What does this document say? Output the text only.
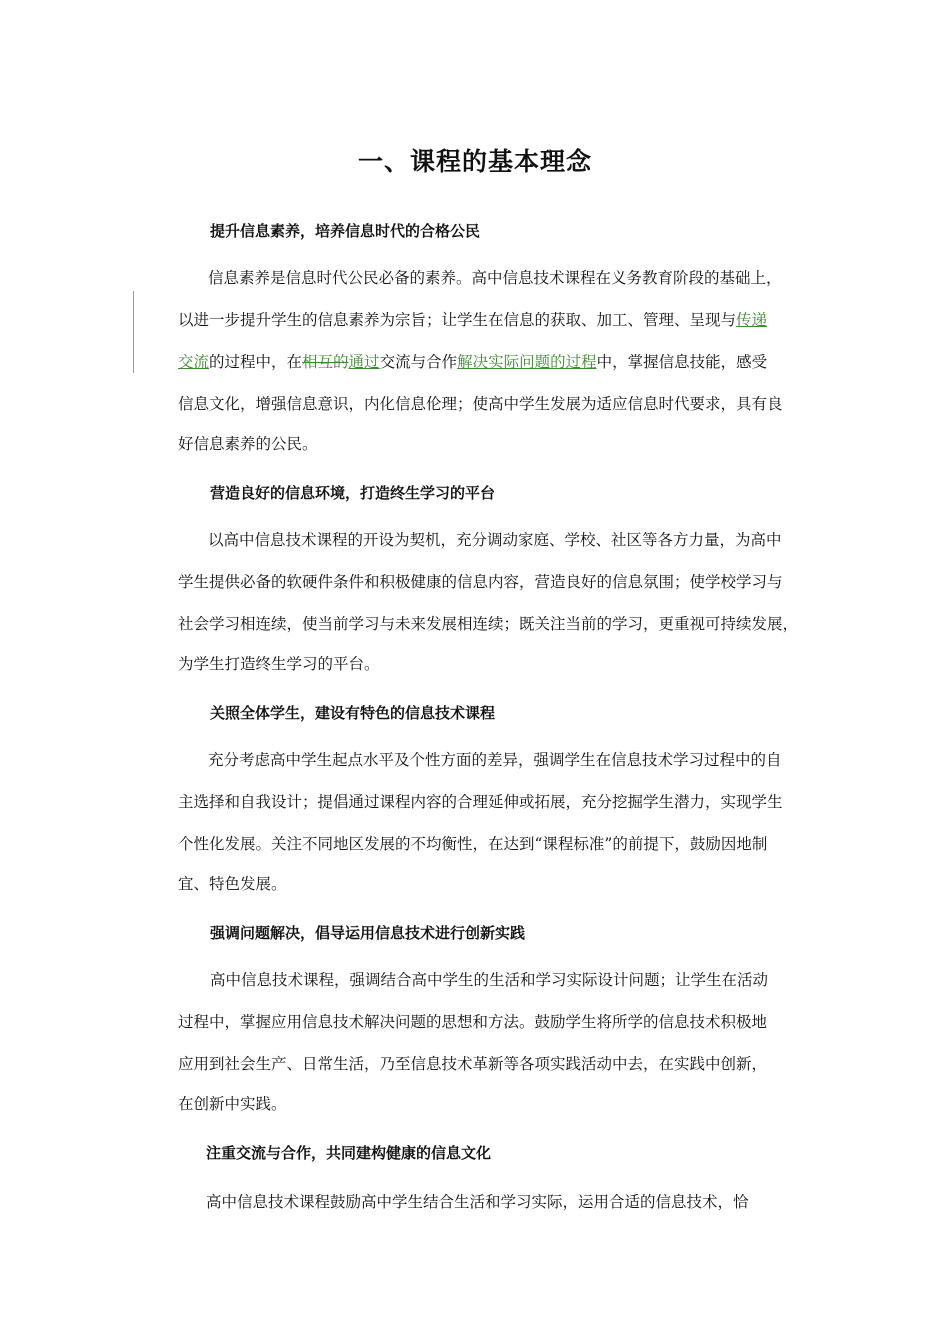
一、课程的基本理念
提升信息素养，培养信息时代的合格公民

信息素养是信息时代公民必备的素养。高中信息技术课程在义务教育阶段的基础上，

以进一步提升学生的信息素养为宗旨；让学生在信息的获取、加工、管理、呈现与传递

交流的过程中，在相互的通过交流与合作解决实际问题的过程中，掌握信息技能，感受

信息文化，增强信息意识，内化信息伦理；使高中学生发展为适应信息时代要求，具有良

好信息素养的公民。

营造良好的信息环境，打造终生学习的平台

以高中信息技术课程的开设为契机，充分调动家庭、学校、社区等各方力量，为高中

学生提供必备的软硬件条件和积极健康的信息内容，营造良好的信息氛围；使学校学习与

社会学习相连续，使当前学习与未来发展相连续；既关注当前的学习，更重视可持续发展，

为学生打造终生学习的平台。

关照全体学生，建设有特色的信息技术课程

充分考虑高中学生起点水平及个性方面的差异，强调学生在信息技术学习过程中的自

主选择和自我设计；提倡通过课程内容的合理延伸或拓展，充分挖掘学生潜力，实现学生

个性化发展。关注不同地区发展的不均衡性，在达到“课程标准”的前提下，鼓励因地制

宜、特色发展。

强调问题解决，倡导运用信息技术进行创新实践

高中信息技术课程，强调结合高中学生的生活和学习实际设计问题；让学生在活动

过程中，掌握应用信息技术解决问题的思想和方法。鼓励学生将所学的信息技术积极地

应用到社会生产、日常生活，乃至信息技术革新等各项实践活动中去，在实践中创新，

在创新中实践。

注重交流与合作，共同建构健康的信息文化

高中信息技术课程鼓励高中学生结合生活和学习实际，运用合适的信息技术，恰
